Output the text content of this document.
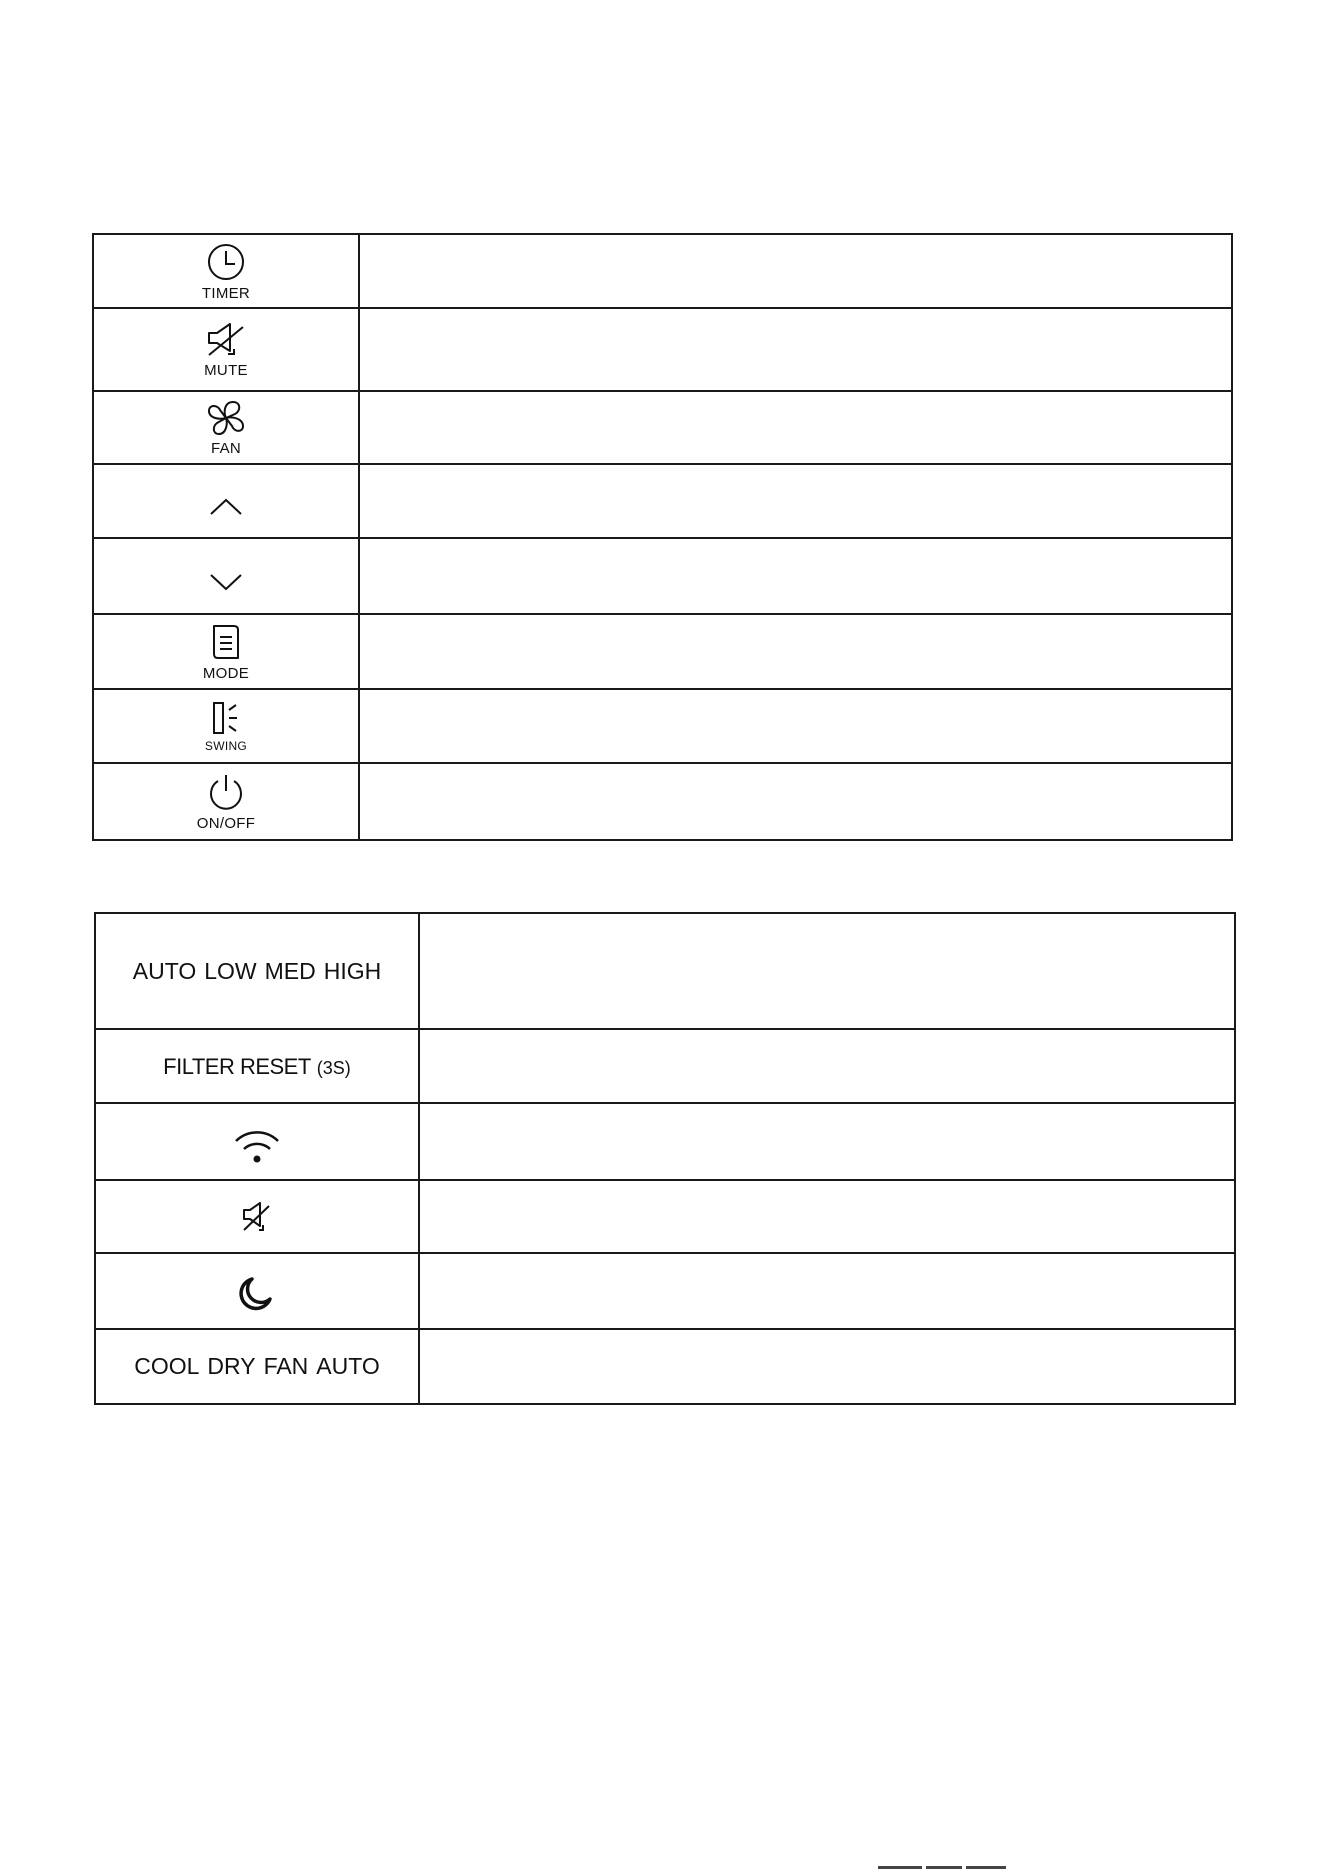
TIMER	

MUTE	

FAN	

MODE	

SWING	

ON/OFF	

AUTO LOW MED HIGH	

FILTER RESET (3S)	

COOL DRY FAN AUTO	
